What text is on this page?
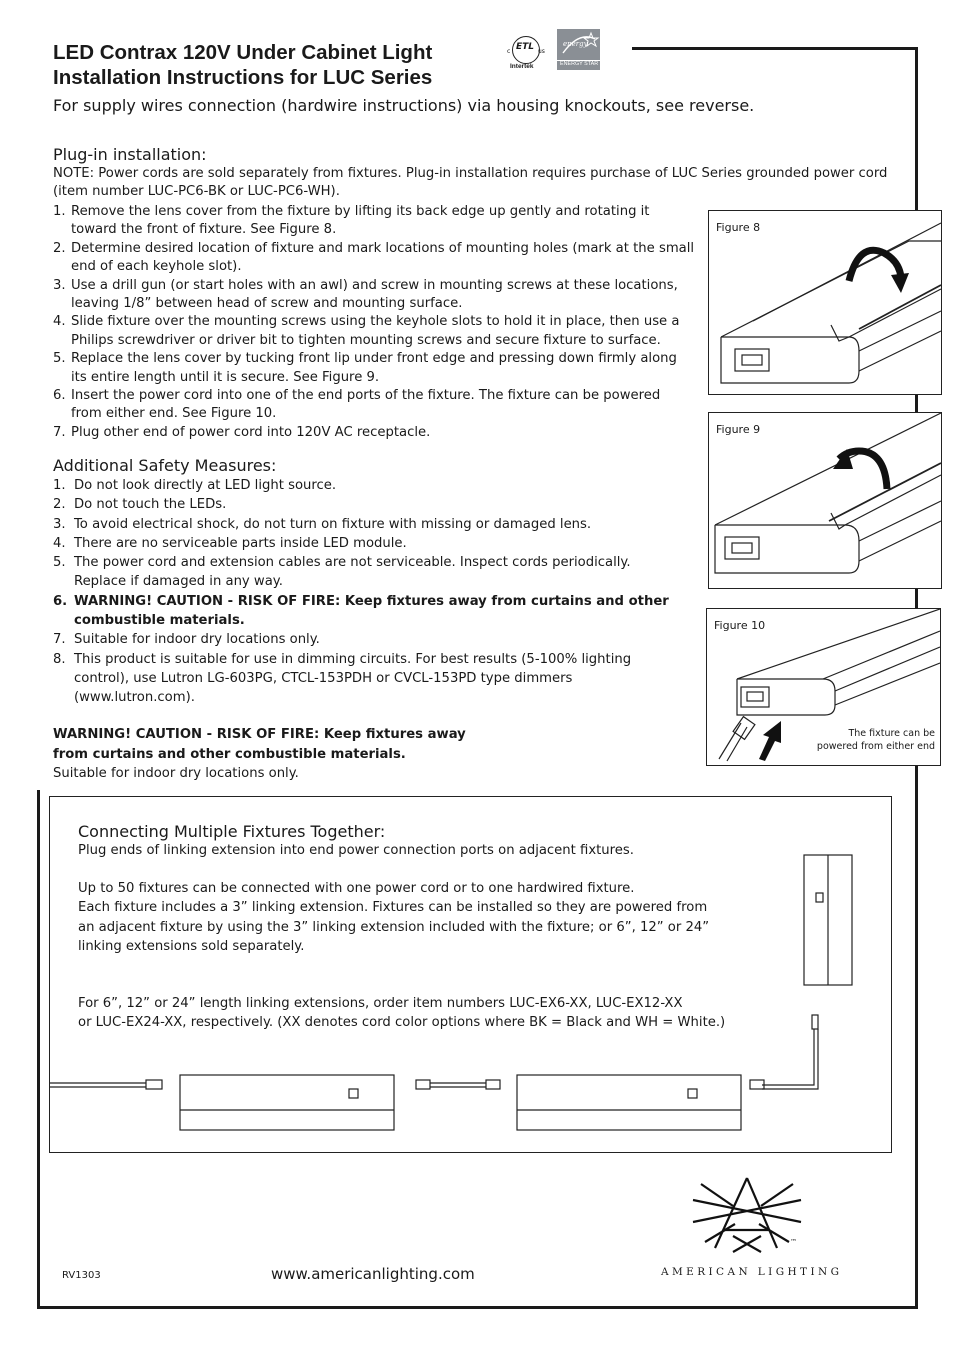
LED Contrax 120V Under Cabinet Light
Installation Instructions for LUC Series
ETL
c	us
Intertek
energy
ENERGY STAR

For supply wires connection (hardwire instructions) via housing knockouts, see reverse.

Plug-in installation:

NOTE: Power cords are sold separately from fixtures. Plug-in installation requires purchase of LUC Series grounded power cord (item number LUC-PC6-BK or LUC-PC6-WH).

1. Remove the lens cover from the fixture by lifting its back edge up gently and rotating it toward the front of fixture. See Figure 8.
2. Determine desired location of fixture and mark locations of mounting holes (mark at the small end of each keyhole slot).
3. Use a drill gun (or start holes with an awl) and screw in mounting screws at these locations, leaving 1/8” between head of screw and mounting surface.
4. Slide fixture over the mounting screws using the keyhole slots to hold it in place, then use a Philips screwdriver or driver bit to tighten mounting screws and secure fixture to surface.
5. Replace the lens cover by tucking front lip under front edge and pressing down firmly along its entire length until it is secure. See Figure 9.
6. Insert the power cord into one of the end ports of the fixture. The fixture can be powered from either end. See Figure 10.
7. Plug other end of power cord into 120V AC receptacle.
Additional Safety Measures:
1. Do not look directly at LED light source.
2. Do not touch the LEDs.
3. To avoid electrical shock, do not turn on fixture with missing or damaged lens.
4. There are no serviceable parts inside LED module.
5. The power cord and extension cables are not serviceable. Inspect cords periodically. Replace if damaged in any way.
6. WARNING! CAUTION - RISK OF FIRE: Keep fixtures away from curtains and other combustible materials.
7. Suitable for indoor dry locations only.
8. This product is suitable for use in dimming circuits. For best results (5-100% lighting control), use Lutron LG-603PG, CTCL-153PDH or CVCL-153PD type dimmers (www.lutron.com).
WARNING! CAUTION - RISK OF FIRE: Keep fixtures away
from curtains and other combustible materials.
Suitable for indoor dry locations only.
Figure 8
Figure 9
Figure 10
The fixture can be
powered from either end
Connecting Multiple Fixtures Together:
Plug ends of linking extension into end power connection ports on adjacent fixtures.
Up to 50 fixtures can be connected with one power cord or to one hardwired fixture.
Each fixture includes a 3” linking extension. Fixtures can be installed so they are powered from
an adjacent fixture by using the 3” linking extension included with the fixture; or 6”, 12” or 24”
linking extensions sold separately.
For 6”, 12” or 24” length linking extensions, order item numbers LUC-EX6-XX, LUC-EX12-XX
or LUC-EX24-XX, respectively. (XX denotes cord color options where BK = Black and WH = White.)
RV1303	www.americanlighting.com
™
AMERICAN LIGHTING
